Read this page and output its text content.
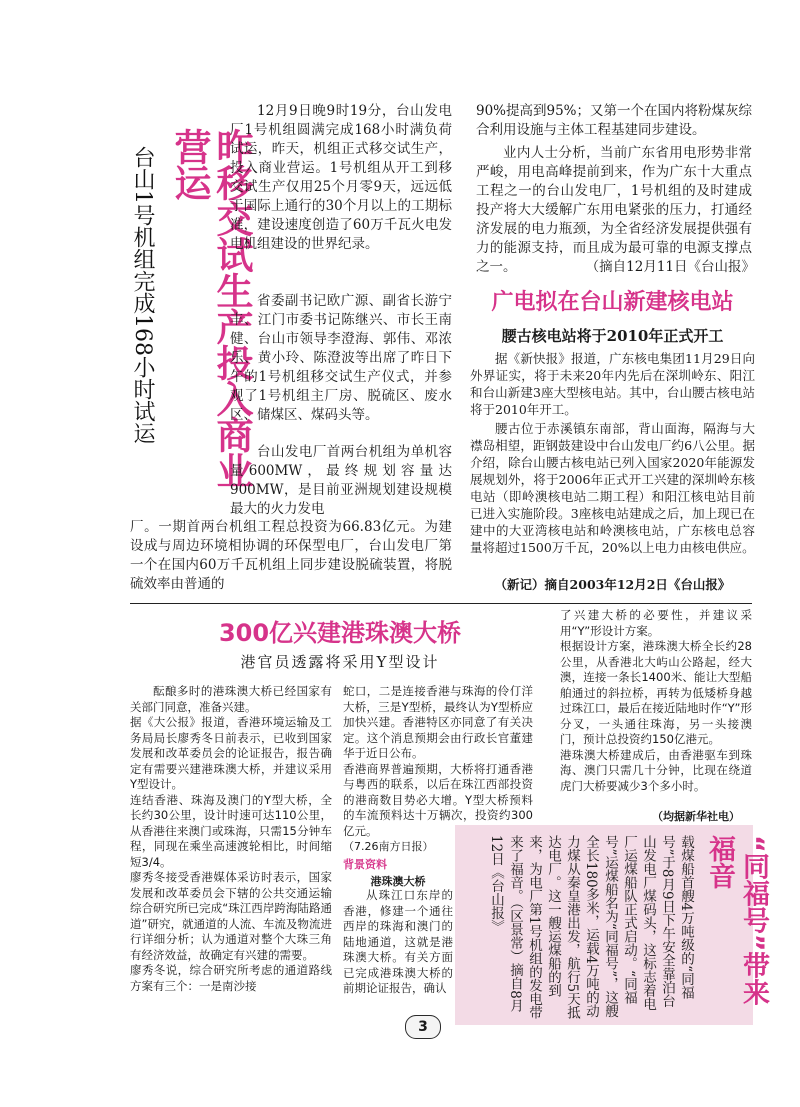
昨移交试生产投入商业营运
台山1号机组完成168小时试运

12月9日晚9时19分，台山发电厂1号机组圆满完成168小时满负荷试运，昨天，机组正式移交试生产，投入商业营运。1号机组从开工到移交试生产仅用25个月零9天，远远低于国际上通行的30个月以上的工期标准，建设速度创造了60万千瓦火电发电机组建设的世界纪录。

省委副书记欧广源、副省长游宁丰、江门市委书记陈继兴、市长王南健、台山市领导李澄海、郭伟、邓浓乐、黄小玲、陈澄波等出席了昨日下午的1号机组移交试生产仪式，并参观了1号机组主厂房、脱硫区、废水区、储煤区、煤码头等。

台山发电厂首两台机组为单机容量600MW，最终规划容量达900MW，是目前亚洲规划建设规模最大的火力发电

厂。一期首两台机组工程总投资为66.83亿元。为建设成与周边环境相协调的环保型电厂，台山发电厂第一个在国内60万千瓦机组上同步建设脱硫装置，将脱硫效率由普通的

90%提高到95%；又第一个在国内将粉煤灰综合利用设施与主体工程基建同步建设。

业内人士分析，当前广东省用电形势非常严峻，用电高峰提前到来，作为广东十大重点工程之一的台山发电厂，1号机组的及时建成投产将大大缓解广东用电紧张的压力，打通经济发展的电力瓶颈，为全省经济发展提供强有力的能源支持，而且成为最可靠的电源支撑点之一。	（摘自12月11日《台山报》
广电拟在台山新建核电站
腰古核电站将于2010年正式开工

据《新快报》报道，广东核电集团11月29日向外界证实，将于未来20年内先后在深圳岭东、阳江和台山新建3座大型核电站。其中，台山腰古核电站将于2010年开工。

腰古位于赤溪镇东南部，背山面海，隔海与大襟岛相望，距钢鼓建设中台山发电厂约6八公里。据介绍，除台山腰古核电站已列入国家2020年能源发展规划外，将于2006年正式开工兴建的深圳岭东核电站（即岭澳核电站二期工程）和阳江核电站目前已进入实施阶段。3座核电站建成之后，加上现已在建中的大亚湾核电站和岭澳核电站，广东核电总容量将超过1500万千瓦，20%以上电力由核电供应。

（新记）摘自2003年12月2日《台山报》
300亿兴建港珠澳大桥
港官员透露将采用Y型设计

酝酿多时的港珠澳大桥已经国家有关部门同意，准备兴建。
据《大公报》报道，香港环境运输及工务局局长廖秀冬日前表示，已收到国家发展和改革委员会的论证报告，报告确定有需要兴建港珠澳大桥，并建议采用Y型设计。
连结香港、珠海及澳门的Y型大桥，全长约30公里，设计时速可达110公里，从香港往来澳门或珠海，只需15分钟车程，同现在乘坐高速渡轮相比，时间缩短3/4。
廖秀冬接受香港媒体采访时表示，国家发展和改革委员会下辖的公共交通运输综合研究所已完成“珠江西岸跨海陆路通道”研究，就通道的人流、车流及物流进行详细分析；认为通道对整个大珠三角有经济效益，故确定有兴建的需要。
廖秀冬说，综合研究所考虑的通道路线方案有三个：一是南沙接

蛇口，二是连接香港与珠海的伶仃洋大桥，三是Y型桥，最终认为Y型桥应加快兴建。香港特区亦同意了有关决定。这个消息预期会由行政长官董建华于近日公布。
香港商界普遍预期，大桥将打通香港与粤西的联系，以后在珠江西部投资的港商数目势必大增。Y型大桥预料的车流预料达十万辆次，投资约300亿元。

（7.26南方日报）
背景资料
港珠澳大桥

从珠江口东岸的香港，修建一个通往西岸的珠海和澳门的陆地通道，这就是港珠澳大桥。有关方面已完成港珠澳大桥的前期论证报告，确认

了兴建大桥的必要性，并建议采用“Y”形设计方案。
根据设计方案，港珠澳大桥全长约28公里，从香港北大屿山公路起，经大澳，连接一条长1400米、能让大型船舶通过的斜拉桥，再转为低矮桥身越过珠江口，最后在接近陆地时作“Y”形分叉，一头通往珠海，另一头接澳门，预计总投资约150亿港元。
港珠澳大桥建成后，由香港驱车到珠海、澳门只需几十分钟，比现在绕道虎门大桥要减少3个多小时。

（均据新华社电）
“同福号”带来福音
载煤船首艘4万吨级的“同福号”于8月9日下午安全靠泊台山发电厂煤码头，这标志着电厂运煤船队正式启动。“同福号”运煤船名为“同福号”，这艘全长180多米，运载4万吨的动力煤从秦皇港出发，航行5天抵达电厂。这一艘运煤船的到来，为电厂第1号机组的发电带来了福音。（区景常）摘自8月12日《台山报》
3
